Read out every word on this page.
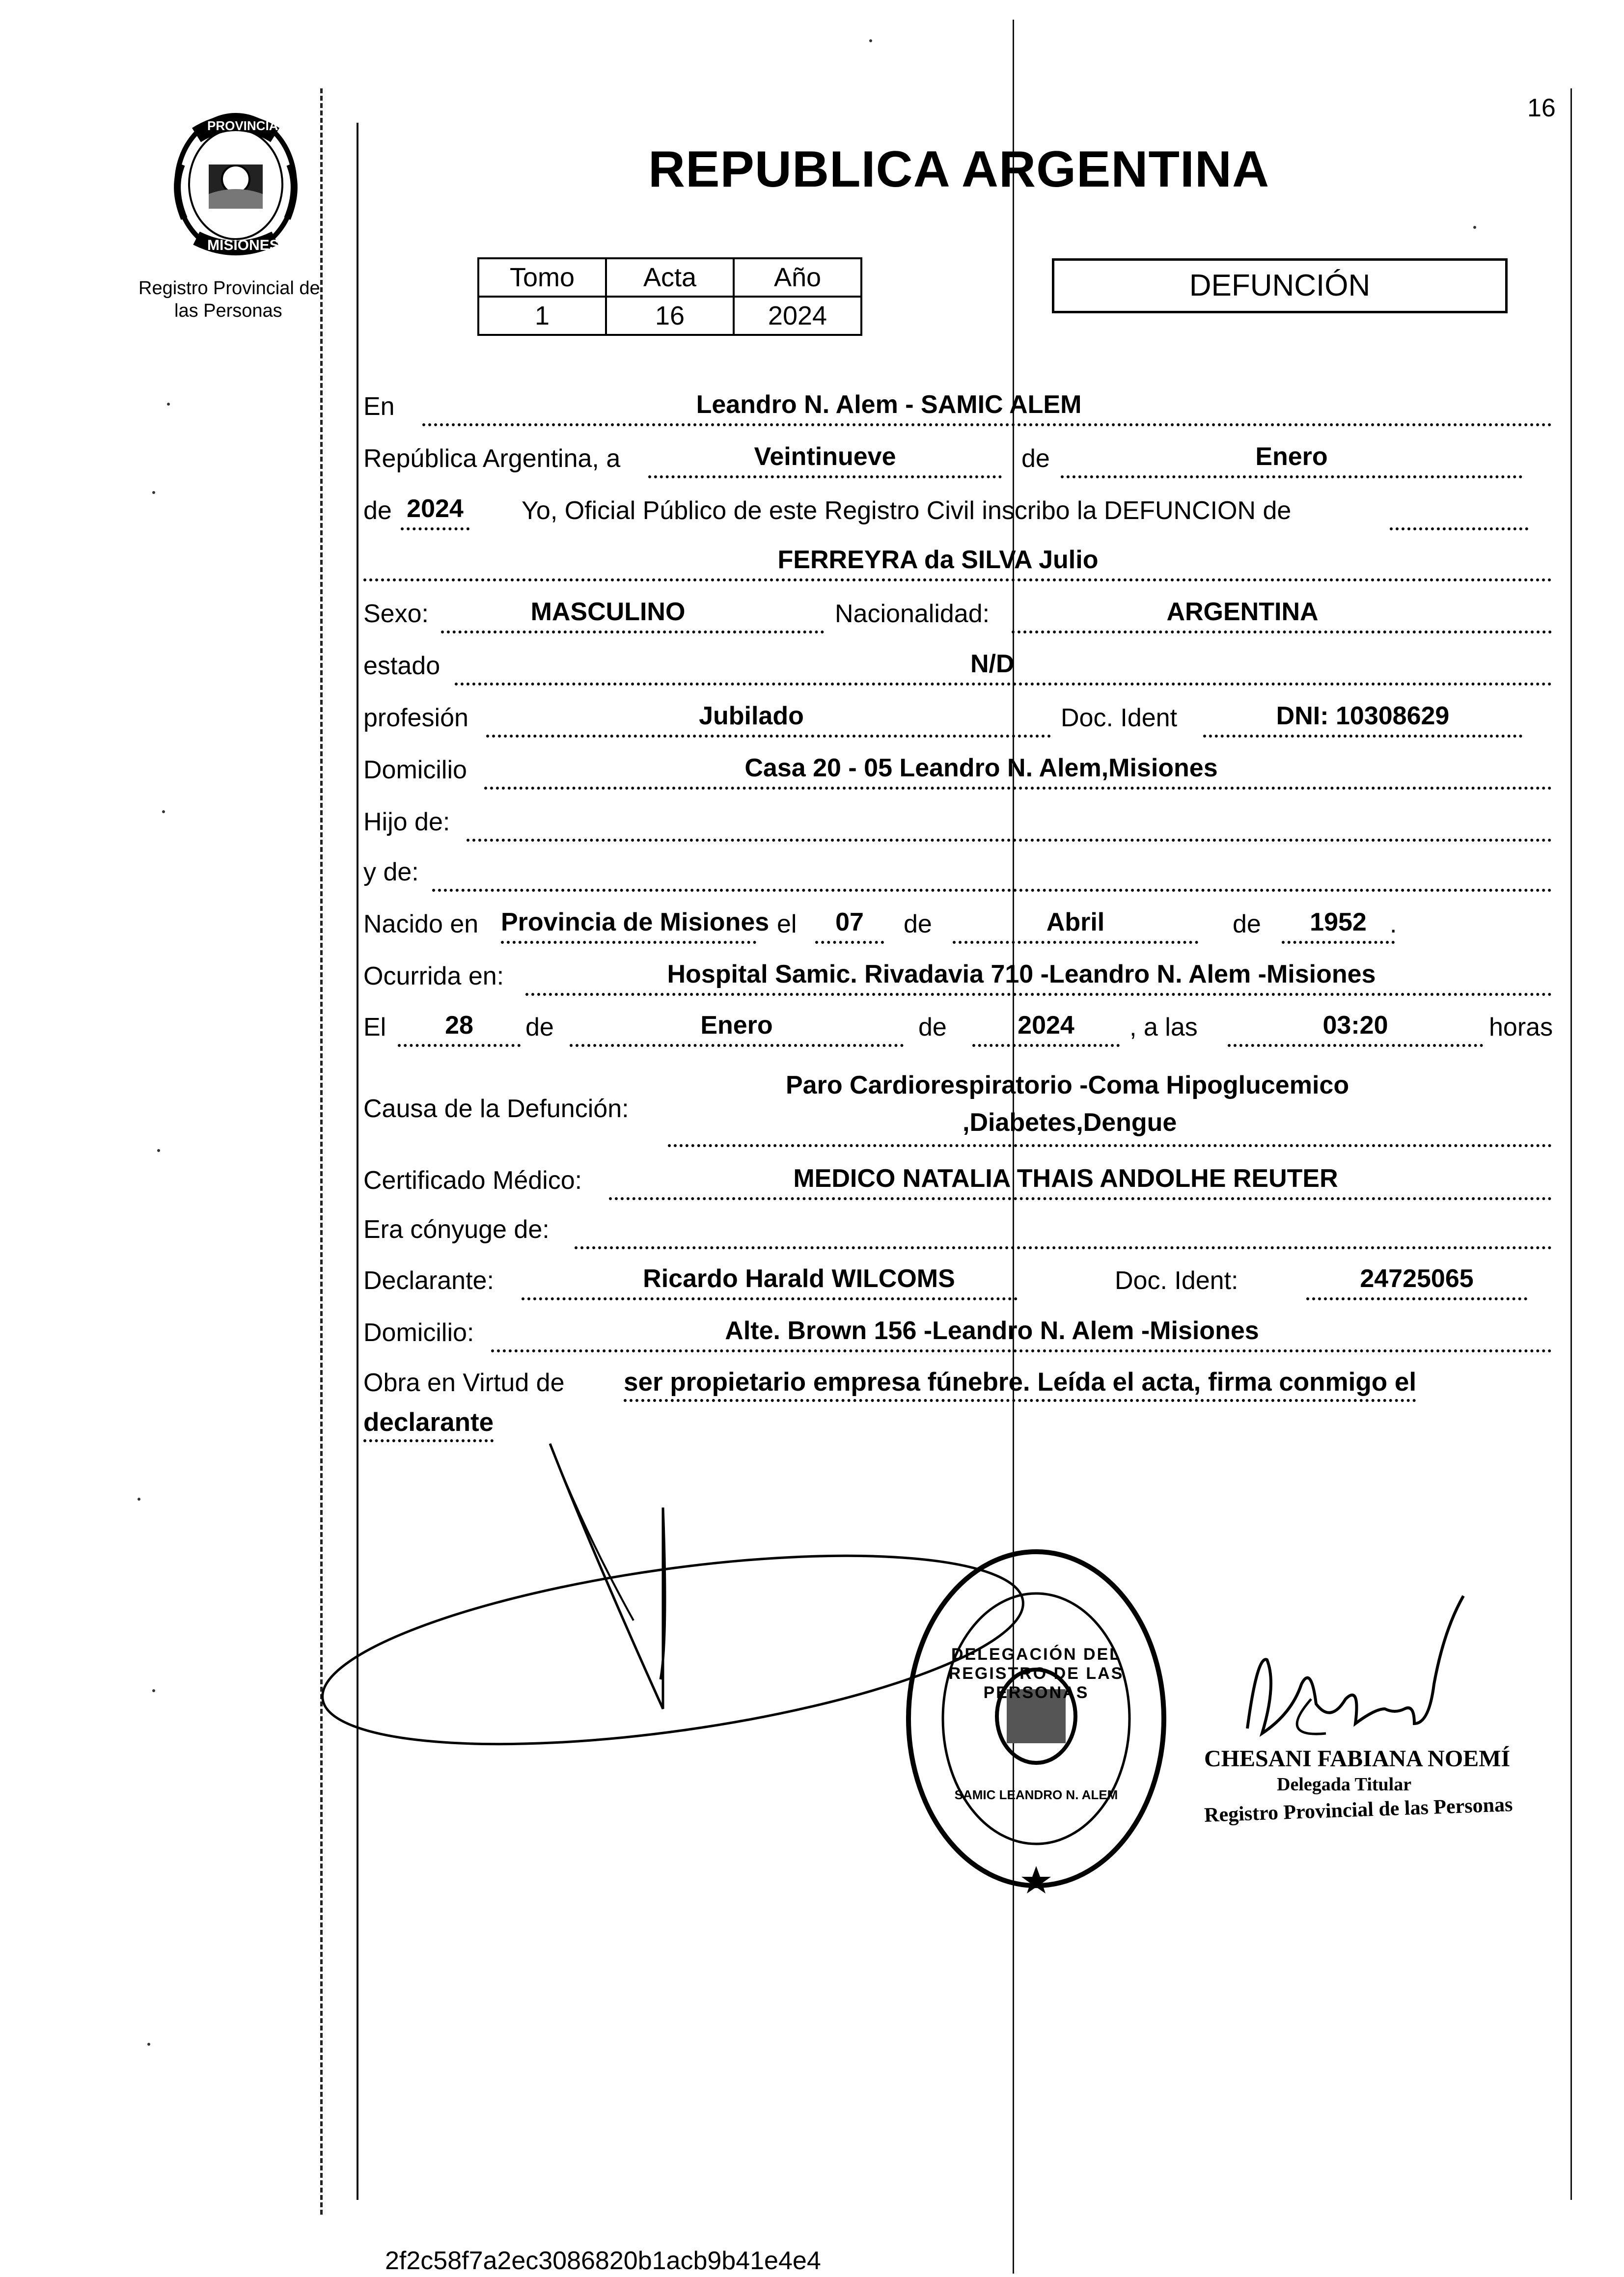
16
PROVINCIA DE
MISIONES
Registro Provincial de
las Personas
REPUBLICA ARGENTINA
Tomo	Acta	Año
1	16	2024
DEFUNCIÓN
En	Leandro N. Alem - SAMIC ALEM
República Argentina, a	Veintinueve	de	Enero
de 2024 Yo, Oficial Público de este Registro Civil inscribo la DEFUNCION de
FERREYRA da SILVA Julio
Sexo:	MASCULINO	Nacionalidad:	ARGENTINA
estado	N/D
profesión	Jubilado	Doc. Ident	DNI: 10308629
Domicilio	Casa 20 - 05 Leandro N. Alem,Misiones
Hijo de:
y de:
Nacido en Provincia de Misiones el	07	de	Abril	de	1952 .
Ocurrida en:	Hospital Samic. Rivadavia 710 -Leandro N. Alem -Misiones
El	28	de	Enero	de	2024	, a las	03:20	horas
Causa de la Defunción:
Paro Cardiorespiratorio -Coma Hipoglucemico
,Diabetes,Dengue
Certificado Médico:	MEDICO NATALIA THAIS ANDOLHE REUTER
Era cónyuge de:
Declarante:	Ricardo Harald WILCOMS	Doc. Ident:	24725065
Domicilio:	Alte. Brown 156 -Leandro N. Alem -Misiones
Obra en Virtud de ser propietario empresa fúnebre. Leída el acta, firma conmigo el
declarante
DELEGACIÓN DEL REGISTRO DE LAS PERSONAS
SAMIC LEANDRO N. ALEM
CHESANI FABIANA NOEMÍ
Delegada Titular
Registro Provincial de las Personas
2f2c58f7a2ec3086820b1acb9b41e4e4
